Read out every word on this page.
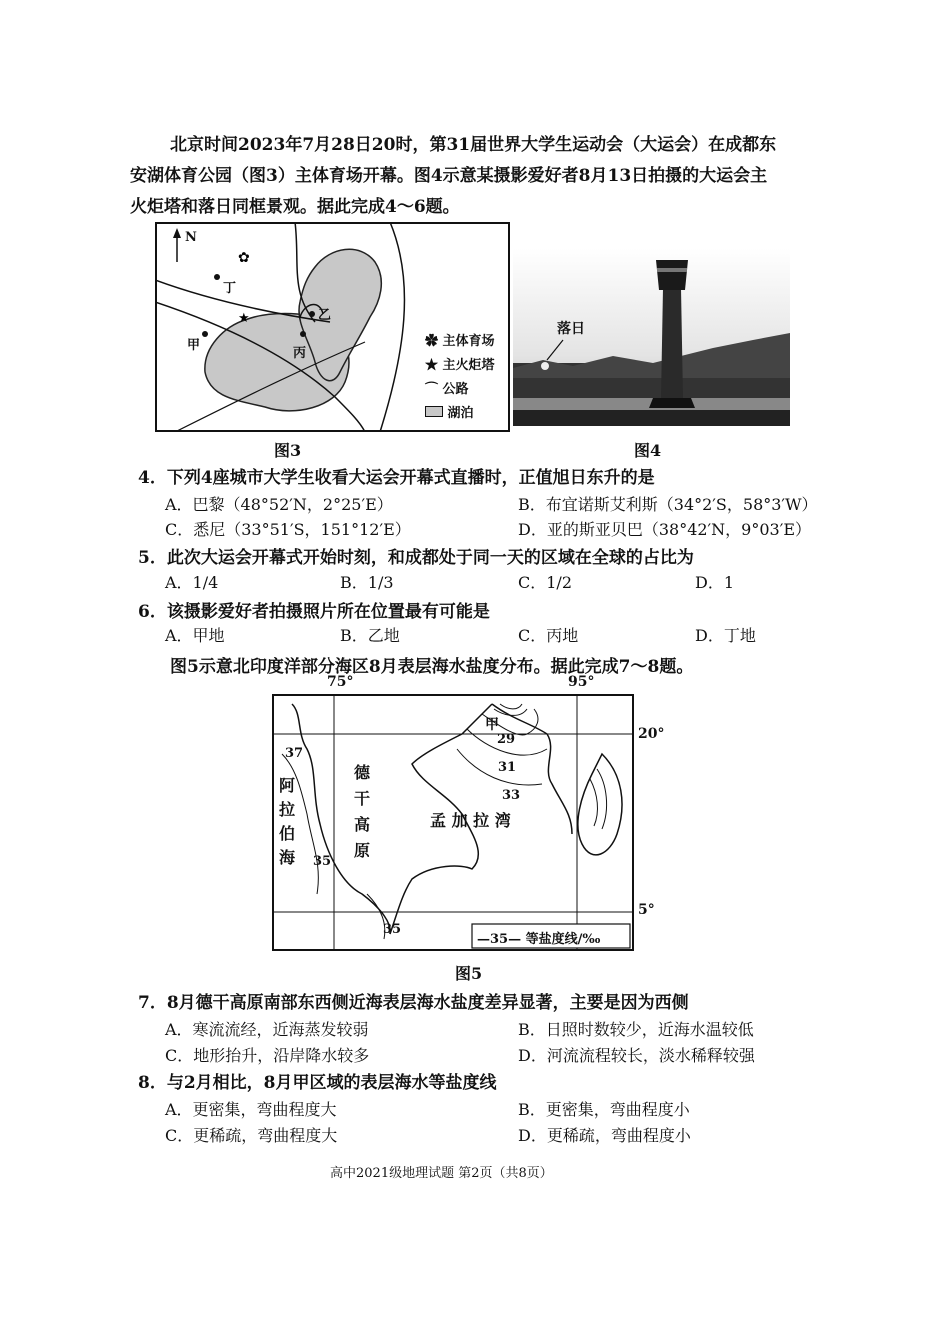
北京时间2023年7月28日20时，第31届世界大学生运动会（大运会）在成都东
安湖体育公园（图3）主体育场开幕。图4示意某摄影爱好者8月13日拍摄的大运会主
火炬塔和落日同框景观。据此完成4～6题。
✿
★
N
丁
甲
乙
丙
✿ 主体育场
★ 主火炬塔
⌒ 公路
湖泊
图3
落日
图4
4．下列4座城市大学生收看大运会开幕式直播时，正值旭日东升的是
A．巴黎（48°52′N，2°25′E）	B．布宜诺斯艾利斯（34°2′S，58°3′W）
C．悉尼（33°51′S，151°12′E）	D．亚的斯亚贝巴（38°42′N，9°03′E）
5．此次大运会开幕式开始时刻，和成都处于同一天的区域在全球的占比为
A．1/4	B．1/3	C．1/2	D．1
6．该摄影爱好者拍摄照片所在位置最有可能是
A．甲地	B．乙地	C．丙地	D．丁地
图5示意北印度洋部分海区8月表层海水盐度分布。据此完成7～8题。
75°	95°
20°
5°
37
35
35
29
31
33
甲
阿
拉
伯
海
德
干
高
原
孟 加 拉 湾
—35— 等盐度线/‰
图5
7．8月德干高原南部东西侧近海表层海水盐度差异显著，主要是因为西侧
A．寒流流经，近海蒸发较弱	B．日照时数较少，近海水温较低
C．地形抬升，沿岸降水较多	D．河流流程较长，淡水稀释较强
8．与2月相比，8月甲区域的表层海水等盐度线
A．更密集，弯曲程度大	B．更密集，弯曲程度小
C．更稀疏，弯曲程度大	D．更稀疏，弯曲程度小
高中2021级地理试题 第2页（共8页）
